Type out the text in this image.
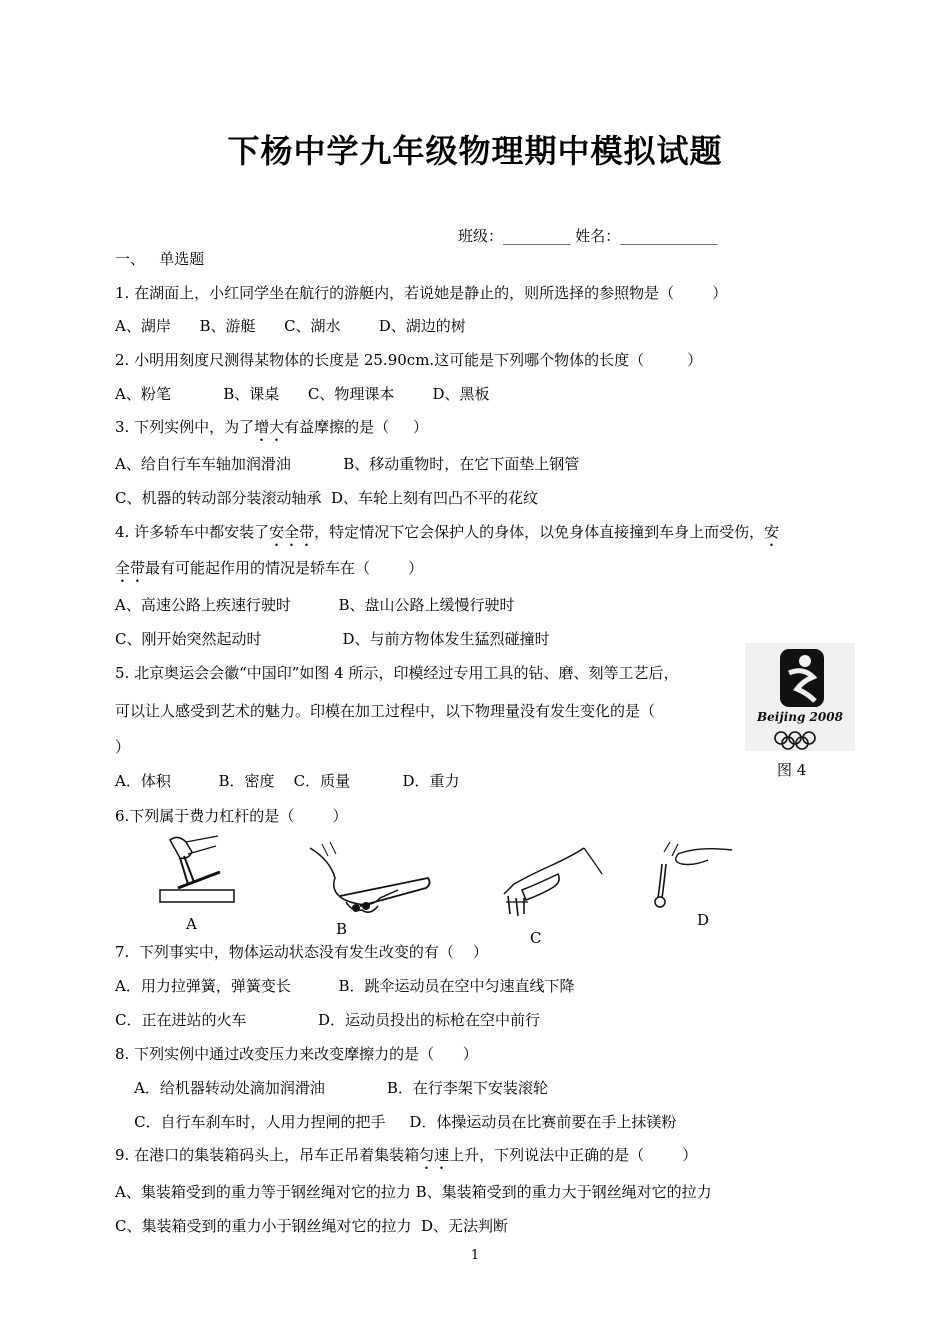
下杨中学九年级物理期中模拟试题
班级：_________ 姓名：_____________
一、   单选题
1. 在湖面上，小红同学坐在航行的游艇内，若说她是静止的，则所选择的参照物是（        ）
A、湖岸      B、游艇      C、湖水        D、湖边的树
2. 小明用刻度尺测得某物体的长度是 25.90cm.这可能是下列哪个物体的长度（         ）
A、粉笔           B、课桌      C、物理课本        D、黑板
3. 下列实例中，为了增大有益摩擦的是（     ）
A、给自行车车轴加润滑油           B、移动重物时，在它下面垫上钢管
C、机器的转动部分装滚动轴承  D、车轮上刻有凹凸不平的花纹
4. 许多轿车中都安装了安全带，特定情况下它会保护人的身体，以免身体直接撞到车身上而受伤，安
全带最有可能起作用的情况是轿车在（        ）
A、高速公路上疾速行驶时          B、盘山公路上缓慢行驶时
C、刚开始突然起动时                 D、与前方物体发生猛烈碰撞时
5. 北京奥运会会徽“中国印”如图 4 所示，印模经过专用工具的钻、磨、刻等工艺后，
可以让人感受到艺术的魅力。印模在加工过程中，以下物理量没有发生变化的是（
）
A．体积          B．密度    C．质量           D．重力
Beijing 2008
图 4
6.下列属于费力杠杆的是（        ）
A	B	C
D
7.  下列事实中，物体运动状态没有发生改变的有（    ）
A．用力拉弹簧，弹簧变长          B．跳伞运动员在空中匀速直线下降
C．正在进站的火车               D．运动员投出的标枪在空中前行
8. 下列实例中通过改变压力来改变摩擦力的是（      ）
A．给机器转动处滴加润滑油             B．在行李架下安装滚轮
C．自行车刹车时，人用力捏闸的把手     D．体操运动员在比赛前要在手上抹镁粉
9. 在港口的集装箱码头上，吊车正吊着集装箱匀速上升，下列说法中正确的是（        ）
A、集装箱受到的重力等于钢丝绳对它的拉力 B、集装箱受到的重力大于钢丝绳对它的拉力
C、集装箱受到的重力小于钢丝绳对它的拉力  D、无法判断
1
